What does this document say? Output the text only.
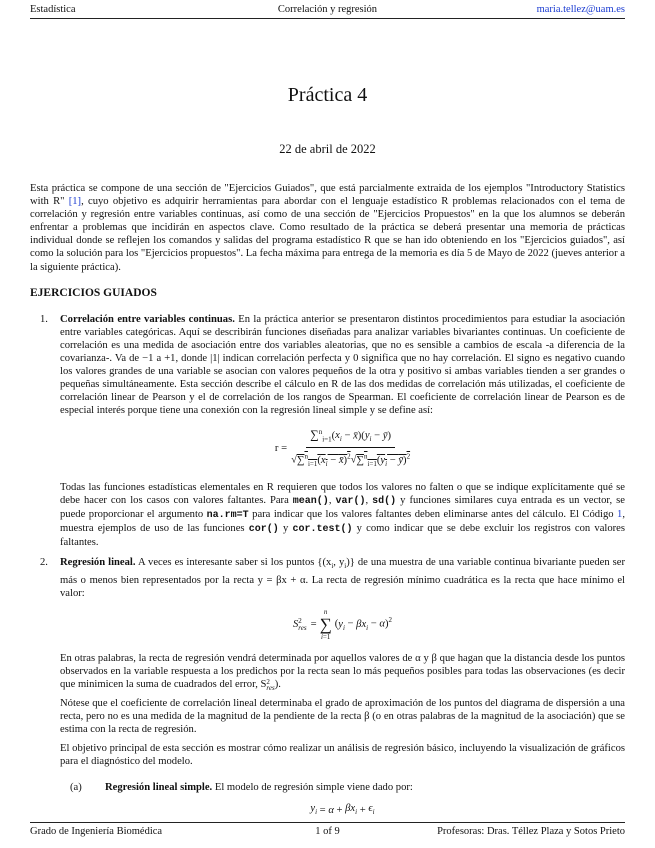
Estadística	Correlación y regresión	maria.tellez@uam.es
Práctica 4
22 de abril de 2022

Esta práctica se compone de una sección de "Ejercicios Guiados", que está parcialmente extraida de los ejemplos "Introductory Statistics with R" [1], cuyo objetivo es adquirir herramientas para abordar con el lenguaje estadístico R problemas relacionados con el tema de correlación y regresión entre variables continuas, así como de una sección de "Ejercicios Propuestos" en la que los alumnos se deberán enfrentar a problemas que incidirán en aspectos clave. Como resultado de la práctica se deberá presentar una memoria de prácticas individual donde se reflejen los comandos y salidas del programa estadístico R que se han ido obteniendo en los "Ejercicios guiados", así como la solución para los "Ejercicios propuestos". La fecha máxima para entrega de la memoria es día 5 de Mayo de 2022 (jueves anterior a la siguiente práctica).

EJERCICIOS GUIADOS
1. Correlación entre variables continuas. En la práctica anterior se presentaron distintos procedimientos para estudiar la asociación entre variables categóricas. Aquí se describirán funciones diseñadas para analizar variables bivariantes continuas. Un coeficiente de correlación es una medida de asociación entre dos variables aleatorias, que no es sensible a cambios de escala -a diferencia de la covarianza-. Va de −1 a +1, donde |1| indican correlación perfecta y 0 significa que no hay correlación. El signo es negativo cuando los valores grandes de una variable se asocian con valores pequeños de la otra y positivo si ambas variables tienden a ser grandes o pequeñas simultáneamente. Esta sección describe el cálculo en R de las dos medidas de correlación más utilizadas, el coeficiente de correlación linear de Pearson y el de correlación de los rangos de Spearman. El coeficiente de correlación linear de Pearson es de especial interés porque tiene una conexión con la regresión lineal simple y se define así:

$r = \frac{\sum^n_{i=1}(x_i - x̄)(y_i - ȳ)}{√\sum^n_{i=1}(x_i - x̄)^2√\sum^n_{i=1}(y_i - ȳ)^2}$

Todas las funciones estadísticas elementales en R requieren que todos los valores no falten o que se indique explícitamente qué se debe hacer con los casos con valores faltantes. Para mean(), var(), sd() y funciones similares cuya entrada es un vector, se puede proporcionar el argumento na.rm=T para indicar que los valores faltantes deben eliminarse antes del cálculo. El Código 1, muestra ejemplos de uso de las funciones cor() y cor.test() y como indicar que se debe excluir los registros con valores faltantes.

2. Regresión lineal. A veces es interesante saber si los puntos {($x_i$, $y_i$)} de una muestra de una variable continua bivariante pueden ser más o menos bien representados por la recta y = βx + α. La recta de regresión mínimo cuadrática es la recta que hace mínimo el valor:

S 2
res =
n
∑
i=1
$(y_i - \beta x_i - \alpha)^2$

En otras palabras, la recta de regresión vendrá determinada por aquellos valores de α y β que hagan que la distancia desde los puntos observados en la variable respuesta a los predichos por la recta sean lo más pequeños posibles para todas las observaciones (es decir que minimicen la suma de cuadrados del error, S 2
res ).

Nótese que el coeficiente de correlación lineal determinaba el grado de aproximación de los puntos del diagrama de dispersión a una recta, pero no es una medida de la magnitud de la pendiente de la recta β (o en otras palabras de la magnitud de la asociación) que se estima con la recta de regresión.

El objetivo principal de esta sección es mostrar cómo realizar un análisis de regresión básico, incluyendo la visualización de gráficos para el diagnóstico del modelo.

(a) Regresión lineal simple. El modelo de regresión simple viene dado por:

$y_i = \alpha + \beta x_i + \epsilon_i$
Grado de Ingeniería Biomédica	1 of 9	Profesoras: Dras. Téllez Plaza y Sotos Prieto
